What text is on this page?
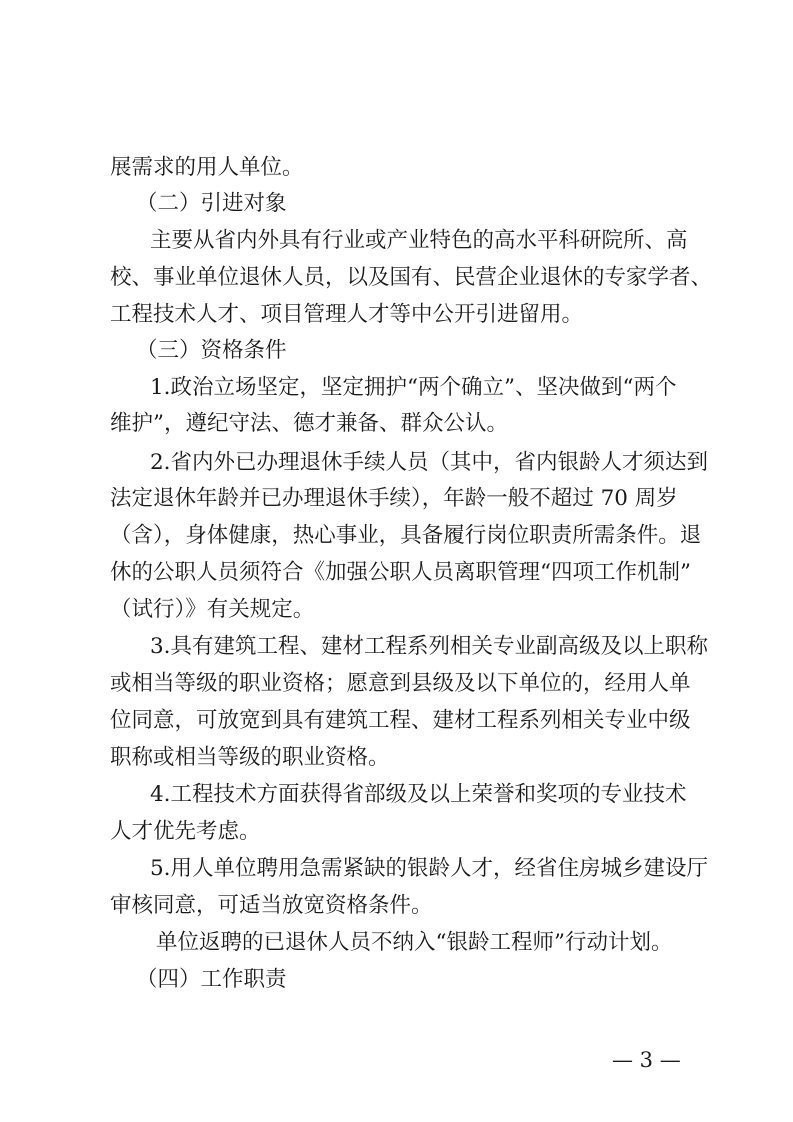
展需求的用人单位。
（二）引进对象
主要从省内外具有行业或产业特色的高水平科研院所、高
校、事业单位退休人员，以及国有、民营企业退休的专家学者、
工程技术人才、项目管理人才等中公开引进留用。
（三）资格条件
1.政治立场坚定，坚定拥护“两个确立”、坚决做到“两个
维护”，遵纪守法、德才兼备、群众公认。
2.省内外已办理退休手续人员（其中，省内银龄人才须达到
法定退休年龄并已办理退休手续），年龄一般不超过 70 周岁
（含），身体健康，热心事业，具备履行岗位职责所需条件。退
休的公职人员须符合《加强公职人员离职管理“四项工作机制”
（试行）》有关规定。
3.具有建筑工程、建材工程系列相关专业副高级及以上职称
或相当等级的职业资格；愿意到县级及以下单位的，经用人单
位同意，可放宽到具有建筑工程、建材工程系列相关专业中级
职称或相当等级的职业资格。
4.工程技术方面获得省部级及以上荣誉和奖项的专业技术
人才优先考虑。
5.用人单位聘用急需紧缺的银龄人才，经省住房城乡建设厅
审核同意，可适当放宽资格条件。
单位返聘的已退休人员不纳入“银龄工程师”行动计划。
（四）工作职责
— 3 —
